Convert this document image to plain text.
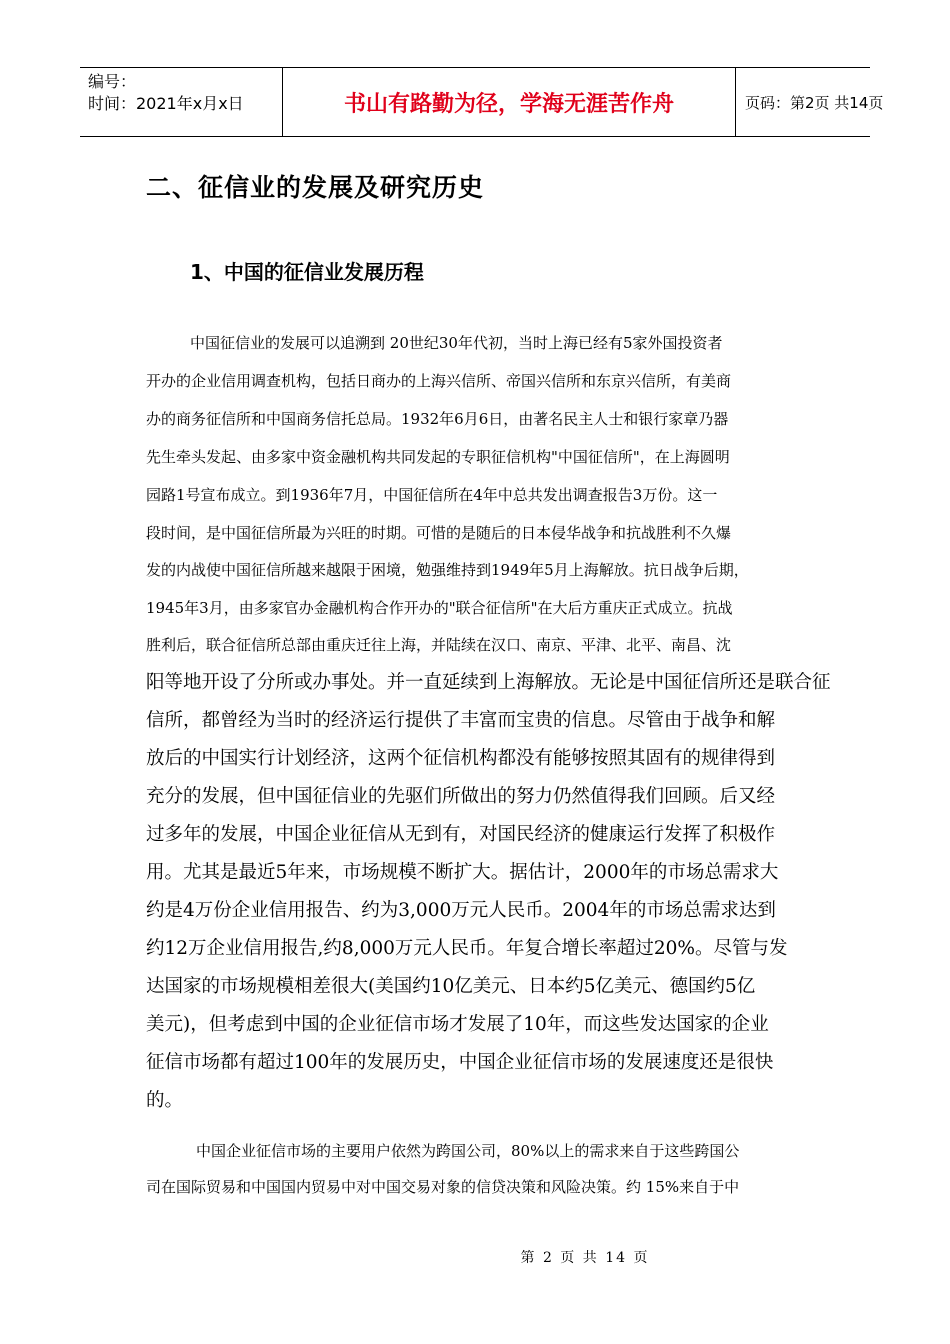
编号：
时间：2021年x月x日	书山有路勤为径，学海无涯苦作舟	页码：第2页 共14页
二、征信业的发展及研究历史
1、中国的征信业发展历程
中国征信业的发展可以追溯到 20世纪30年代初，当时上海已经有5家外国投资者
开办的企业信用调查机构，包括日商办的上海兴信所、帝国兴信所和东京兴信所，有美商
办的商务征信所和中国商务信托总局。1932年6月6日，由著名民主人士和银行家章乃器
先生牵头发起、由多家中资金融机构共同发起的专职征信机构"中国征信所"，在上海圆明
园路1号宣布成立。到1936年7月，中国征信所在4年中总共发出调查报告3万份。这一
段时间，是中国征信所最为兴旺的时期。可惜的是随后的日本侵华战争和抗战胜利不久爆
发的内战使中国征信所越来越限于困境，勉强维持到1949年5月上海解放。抗日战争后期，
1945年3月，由多家官办金融机构合作开办的"联合征信所"在大后方重庆正式成立。抗战
胜利后，联合征信所总部由重庆迁往上海，并陆续在汉口、南京、平津、北平、南昌、沈
阳等地开设了分所或办事处。并一直延续到上海解放。无论是中国征信所还是联合征
信所，都曾经为当时的经济运行提供了丰富而宝贵的信息。尽管由于战争和解
放后的中国实行计划经济，这两个征信机构都没有能够按照其固有的规律得到
充分的发展，但中国征信业的先驱们所做出的努力仍然值得我们回顾。后又经
过多年的发展，中国企业征信从无到有，对国民经济的健康运行发挥了积极作
用。尤其是最近5年来，市场规模不断扩大。据估计，2000年的市场总需求大
约是4万份企业信用报告、约为3,000万元人民币。2004年的市场总需求达到
约12万企业信用报告,约8,000万元人民币。年复合增长率超过20%。尽管与发
达国家的市场规模相差很大(美国约10亿美元、日本约5亿美元、德国约5亿
美元)，但考虑到中国的企业征信市场才发展了10年，而这些发达国家的企业
征信市场都有超过100年的发展历史，中国企业征信市场的发展速度还是很快
的。
中国企业征信市场的主要用户依然为跨国公司，80%以上的需求来自于这些跨国公
司在国际贸易和中国国内贸易中对中国交易对象的信贷决策和风险决策。约 15%来自于中
第 2 页 共 14 页
